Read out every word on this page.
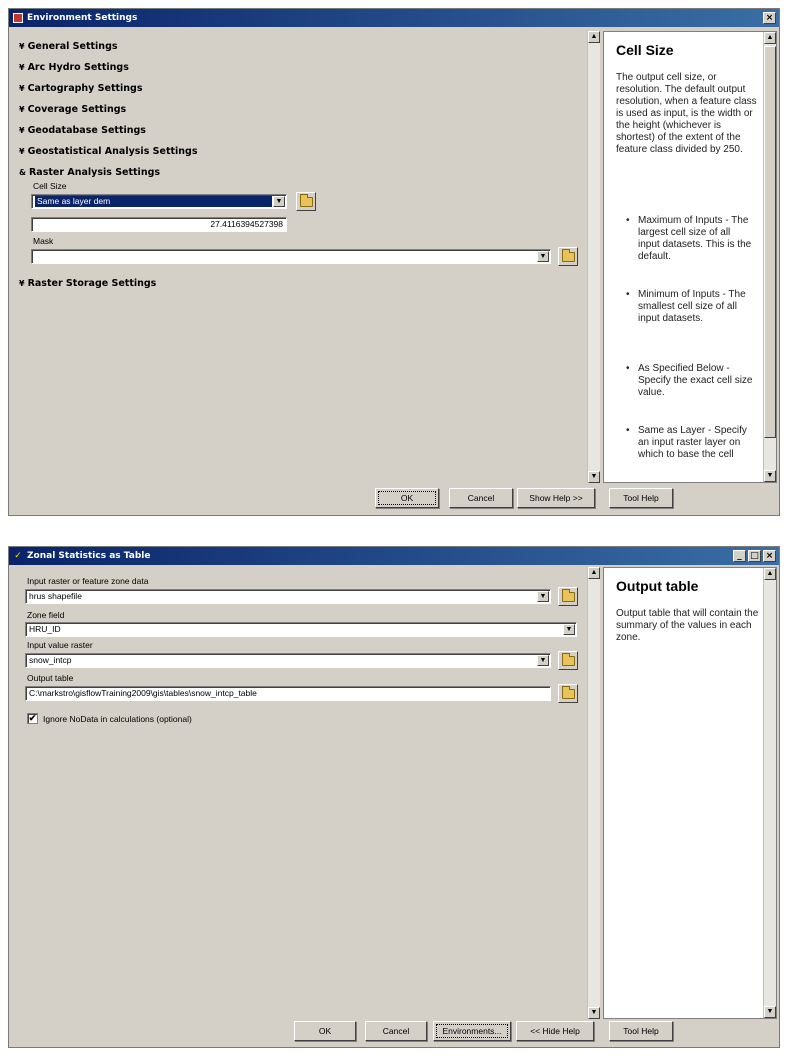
Environment Settings	×
¥ General Settings
¥ Arc Hydro Settings
¥ Cartography Settings
¥ Coverage Settings
¥ Geodatabase Settings
¥ Geostatistical Analysis Settings
& Raster Analysis Settings
Cell Size
Same as layer dem	▼
27.4116394527398
Mask
▼
¥ Raster Storage Settings
▲
▼
Cell Size
The output cell size, or resolution. The default output resolution, when a feature class is used as input, is the width or the height (whichever is shortest) of the extent of the feature class divided by 250.
• Maximum of Inputs - The largest cell size of all input datasets. This is the default.
• Minimum of Inputs - The smallest cell size of all input datasets.
• As Specified Below - Specify the exact cell size value.
• Same as Layer - Specify an input raster layer on which to base the cell
▲
▼
OK	Cancel	Show Help >>	Tool Help
✓ Zonal Statistics as Table	_ □ ×
Input raster or feature zone data
hrus shapefile	▼
Zone field
HRU_ID	▼
Input value raster
snow_intcp	▼
Output table
C:\markstro\gisflowTraining2009\gis\tables\snow_intcp_table
✔ Ignore NoData in calculations (optional)
▲
▼
Output table
Output table that will contain the summary of the values in each zone.
▲
▼
OK	Cancel	Environments...	<< Hide Help	Tool Help
